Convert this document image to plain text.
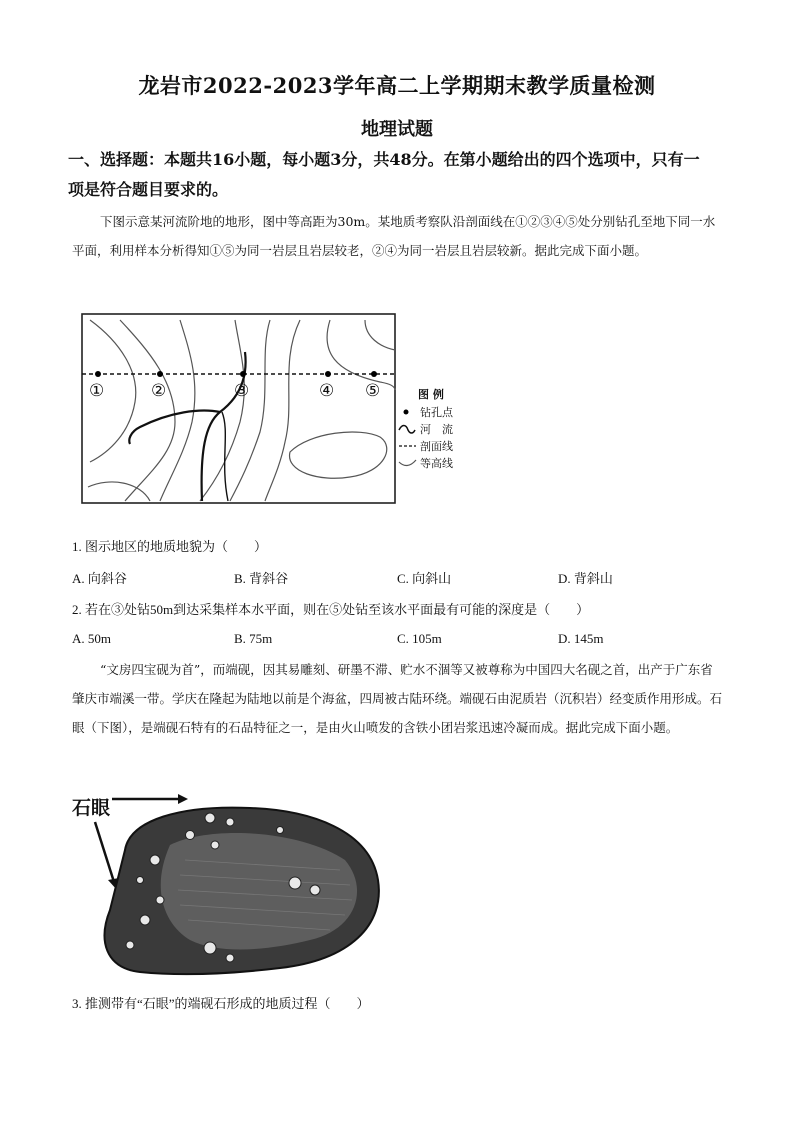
龙岩市2022-2023学年高二上学期期末教学质量检测
地理试题
一、选择题：本题共16小题，每小题3分，共48分。在第小题给出的四个选项中，只有一
项是符合题目要求的。
下图示意某河流阶地的地形，图中等高距为30m。某地质考察队沿剖面线在①②③④⑤处分别钻孔至地下同一水平面，利用样本分析得知①⑤为同一岩层且岩层较老，②④为同一岩层且岩层较新。据此完成下面小题。
①	②	③	④ ⑤	图 例
钻孔点
河　流
剖面线
等高线
1. 图示地区的地质地貌为（　　）
A. 向斜谷	B. 背斜谷	C. 向斜山	D. 背斜山
2. 若在③处钻50m到达采集样本水平面，则在⑤处钻至该水平面最有可能的深度是（　　）
A. 50m	B. 75m	C. 105m	D. 145m
“文房四宝砚为首”，而端砚，因其易雕刻、研墨不滞、贮水不涸等又被尊称为中国四大名砚之首，出产于广东省肇庆市端溪一带。学庆在隆起为陆地以前是个海盆，四周被古陆环绕。端砚石由泥质岩（沉积岩）经变质作用形成。石眼（下图），是端砚石特有的石品特征之一，是由火山喷发的含铁小团岩浆迅速冷凝而成。据此完成下面小题。
石眼
3. 推测带有“石眼”的端砚石形成的地质过程（　　）
